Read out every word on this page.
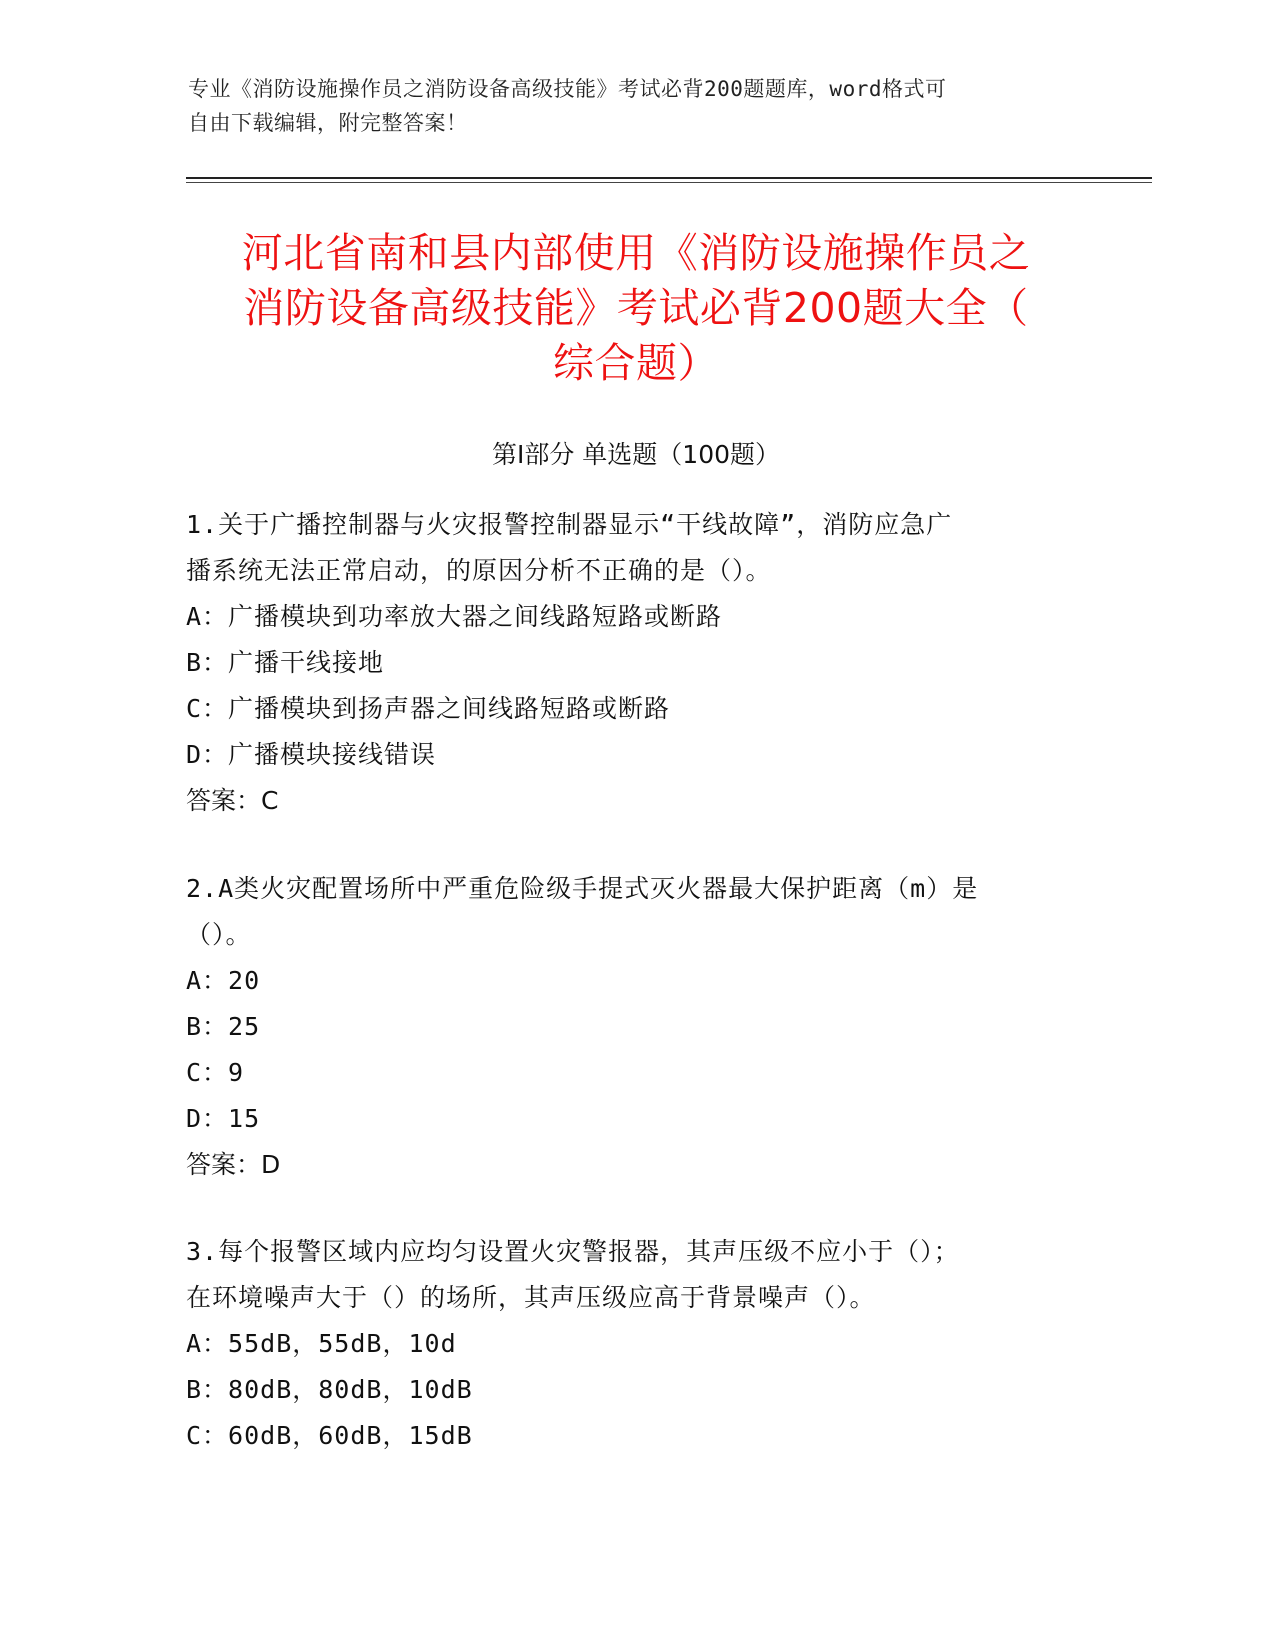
专业《消防设施操作员之消防设备高级技能》考试必背200题题库，word格式可
自由下载编辑，附完整答案！
河北省南和县内部使用《消防设施操作员之
消防设备高级技能》考试必背200题大全（
综合题）
第Ⅰ部分 单选题（100题）

1.关于广播控制器与火灾报警控制器显示“干线故障”，消防应急广

播系统无法正常启动，的原因分析不正确的是（）。

A：广播模块到功率放大器之间线路短路或断路

B：广播干线接地

C：广播模块到扬声器之间线路短路或断路

D：广播模块接线错误

答案：C

2.A类火灾配置场所中严重危险级手提式灭火器最大保护距离（m）是

（）。

A：20

B：25

C：9

D：15

答案：D

3.每个报警区域内应均匀设置火灾警报器，其声压级不应小于（）；

在环境噪声大于（）的场所，其声压级应高于背景噪声（）。

A：55dB，55dB，10d

B：80dB，80dB，10dB

C：60dB，60dB，15dB
